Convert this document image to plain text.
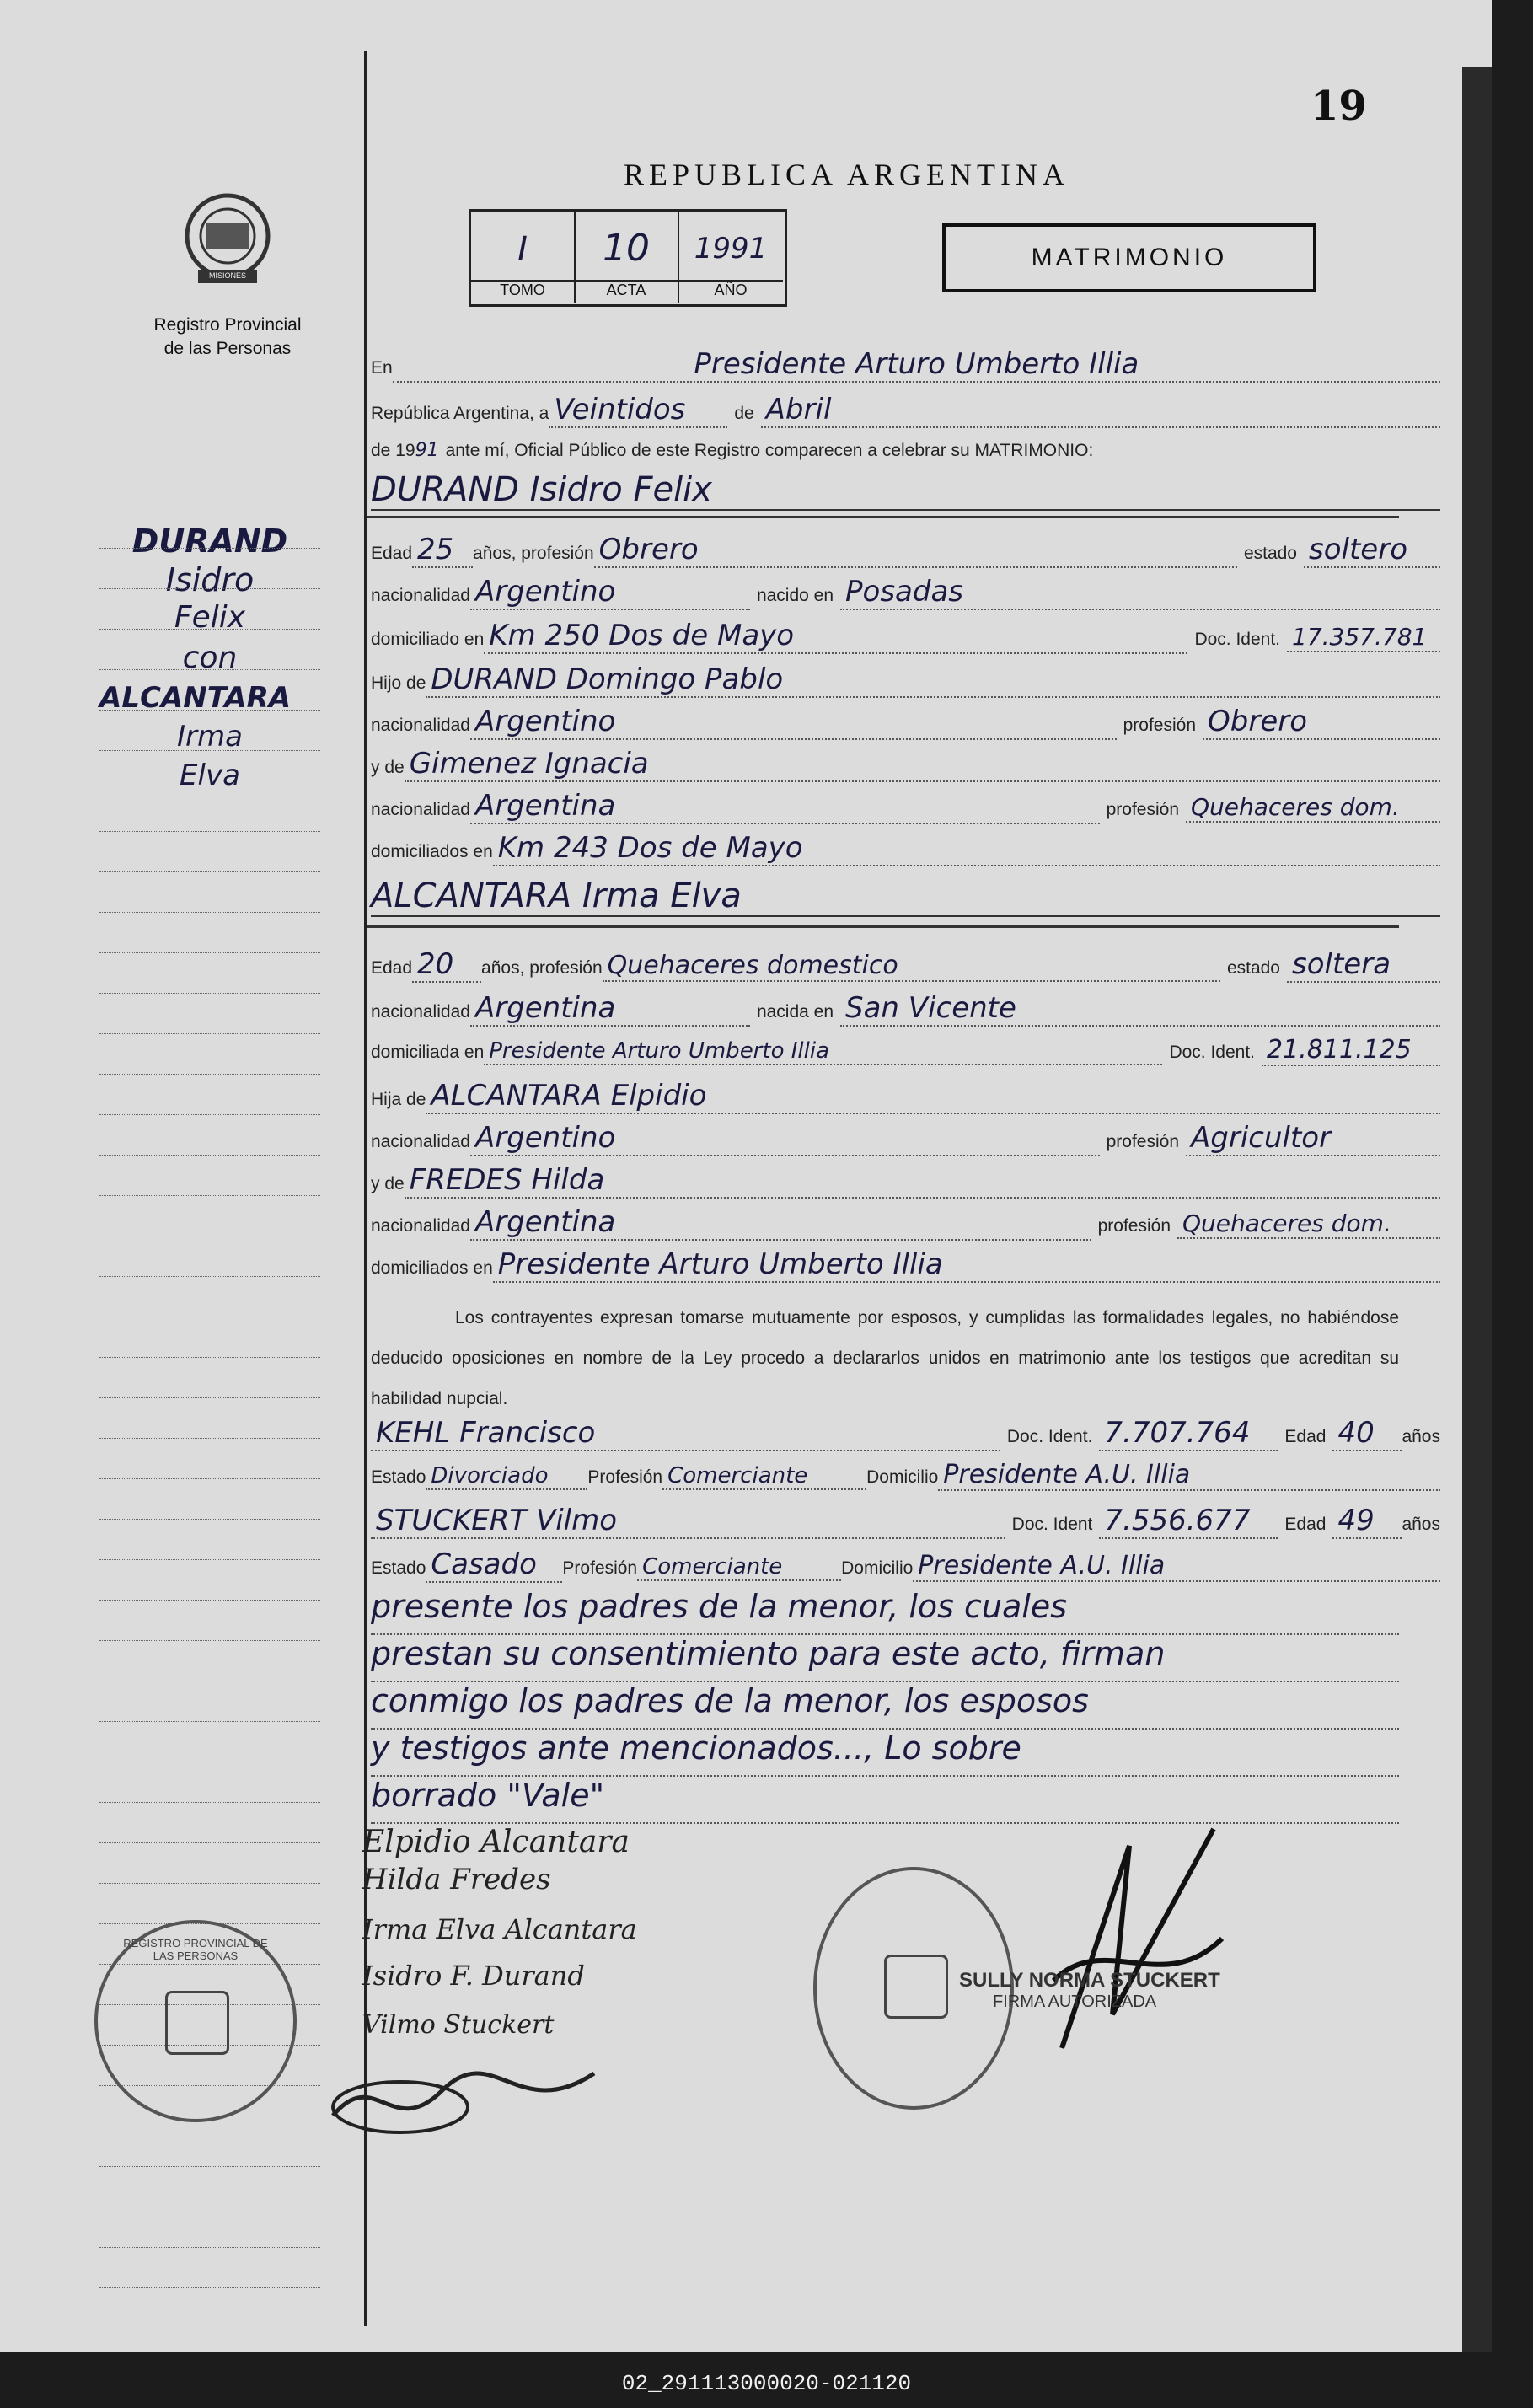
MISIONES
Registro Provincial
de las Personas
DURAND
Isidro
Felix
con
ALCANTARA
Irma
Elva
19
REPUBLICA ARGENTINA
I
TOMO
10
ACTA
1991
AÑO
MATRIMONIO
En	Presidente Arturo Umberto Illia
República Argentina, a Veintidos	de Abril
de 19 91 ante mí, Oficial Público de este Registro comparecen a celebrar su MATRIMONIO:
DURAND Isidro Felix
Edad 25	años, profesión Obrero	estado soltero
nacionalidad Argentino	nacido en Posadas
domiciliado en Km 250 Dos de Mayo	Doc. Ident. 17.357.781
Hijo de DURAND Domingo Pablo
nacionalidad Argentino	profesión Obrero
y de Gimenez Ignacia
nacionalidad Argentina	profesión Quehaceres dom.
domiciliados en Km 243 Dos de Mayo
ALCANTARA Irma Elva
Edad 20	años, profesión Quehaceres domestico	estado soltera
nacionalidad Argentina	nacida en San Vicente
domiciliada en Presidente Arturo Umberto Illia	Doc. Ident. 21.811.125
Hija de ALCANTARA Elpidio
nacionalidad Argentino	profesión Agricultor
y de FREDES Hilda
nacionalidad Argentina	profesión Quehaceres dom.
domiciliados en Presidente Arturo Umberto Illia
Los contrayentes expresan tomarse mutuamente por esposos, y cumplidas las formalidades legales, no habiéndose deducido oposiciones en nombre de la Ley procedo a declararlos unidos en matrimonio ante los testigos que acreditan su habilidad nupcial.
KEHL Francisco	Doc. Ident. 7.707.764	Edad 40	años
Estado Divorciado	Profesión Comerciante	Domicilio Presidente A.U. Illia
STUCKERT Vilmo	Doc. Ident 7.556.677	Edad 49	años
Estado Casado	Profesión Comerciante	Domicilio Presidente A.U. Illia
presente los padres de la menor, los cuales
prestan su consentimiento para este acto, firman
conmigo los padres de la menor, los esposos
y testigos ante mencionados..., Lo sobre
borrado "Vale"
Elpidio Alcantara
Hilda Fredes
Irma Elva Alcantara
Isidro F. Durand
Vilmo Stuckert
REGISTRO PROVINCIAL DE LAS PERSONAS
SULLY NORMA STUCKERT
FIRMA AUTORIZADA
02_291113000020-021120
